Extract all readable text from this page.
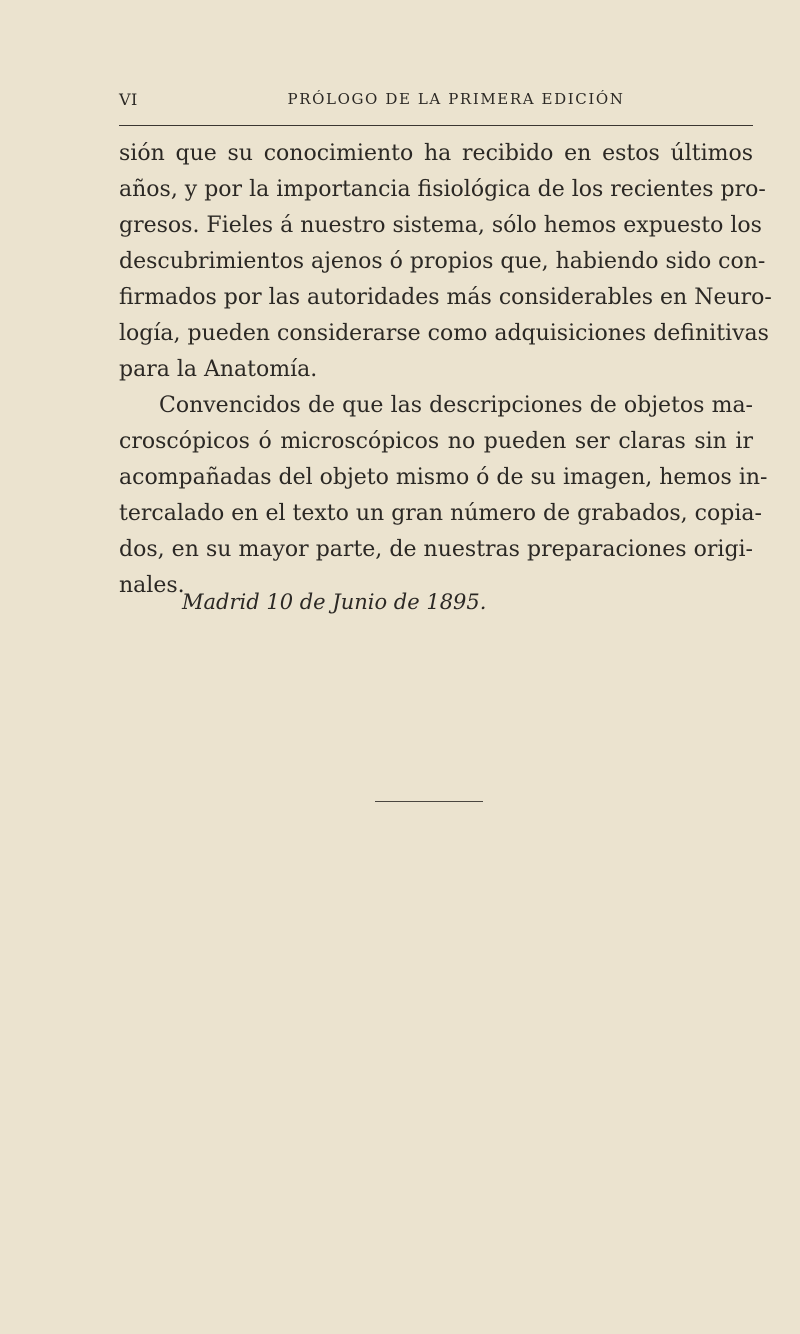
VI	PRÓLOGO DE LA PRIMERA EDICIÓN
sión que su conocimiento ha recibido en estos últimos
años, y por la importancia fisiológica de los recientes pro-
gresos. Fieles á nuestro sistema, sólo hemos expuesto los
descubrimientos ajenos ó propios que, habiendo sido con-
firmados por las autoridades más considerables en Neuro-
logía, pueden considerarse como adquisiciones definitivas
para la Anatomía.
Convencidos de que las descripciones de objetos ma-
croscópicos ó microscópicos no pueden ser claras sin ir
acompañadas del objeto mismo ó de su imagen, hemos in-
tercalado en el texto un gran número de grabados, copia-
dos, en su mayor parte, de nuestras preparaciones origi-
nales.
Madrid 10 de Junio de 1895.
